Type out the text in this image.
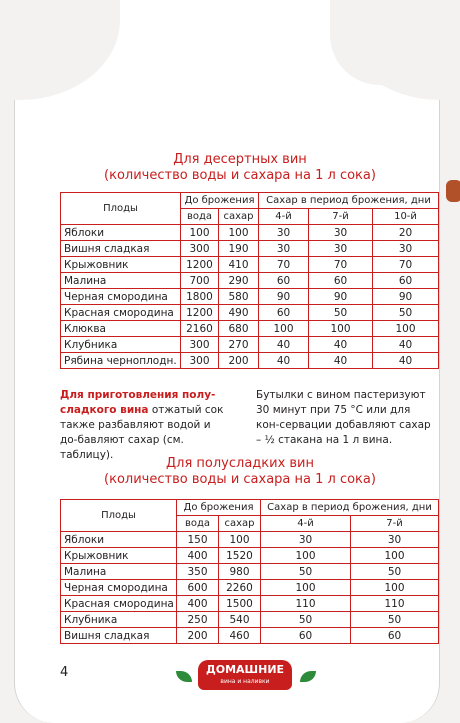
Для десертных вин
(количество воды и сахара на 1 л сока)
Плоды	До брожения		Сахар в период брожения, дни		
	вода	сахар	4-й	7-й	10-й
Яблоки	100	100	30	30	20
Вишня сладкая	300	190	30	30	30
Крыжовник	1200	410	70	70	70
Малина	700	290	60	60	60
Черная смородина	1800	580	90	90	90
Красная смородина	1200	490	60	50	50
Клюква	2160	680	100	100	100
Клубника	300	270	40	40	40
Рябина черноплодн.	300	200	40	40	40

Для приготовления полу-сладкого вина отжатый сок также разбавляют водой и до-бавляют сахар (см. таблицу).

Бутылки с вином пастеризуют 30 минут при 75 °С или для кон-сервации добавляют сахар – ½ стакана на 1 л вина.

Для полусладких вин
(количество воды и сахара на 1 л сока)
Плоды	До брожения		Сахар в период брожения, дни	
	вода	сахар	4-й	7-й
Яблоки	150	100	30	30
Крыжовник	400	1520	100	100
Малина	350	980	50	50
Черная смородина	600	2260	100	100
Красная смородина	400	1500	110	110
Клубника	250	540	50	50
Вишня сладкая	200	460	60	60
4	ДОМАШНИЕ
вина и наливки
